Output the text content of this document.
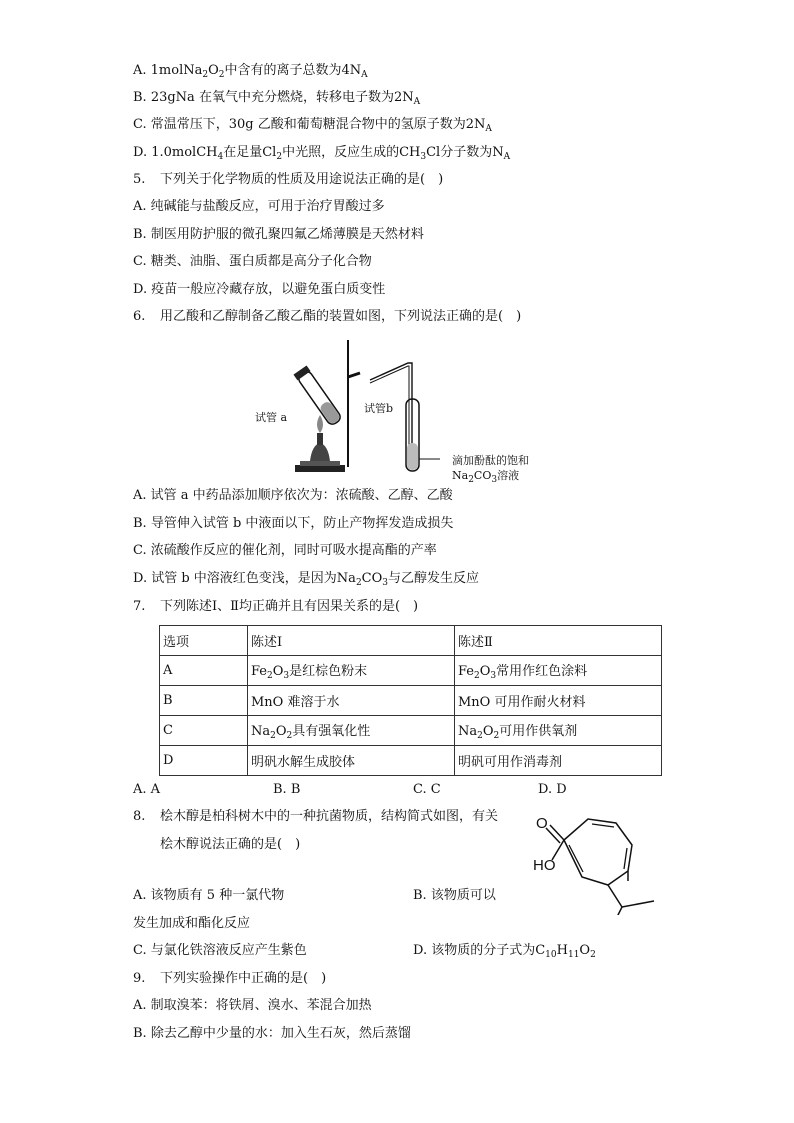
A. $1molNa_2O_2$中含有的离子总数为$4N_A$
B. 23gNa 在氧气中充分燃烧，转移电子数为$2N_A$
C. 常温常压下，30g 乙酸和葡萄糖混合物中的氢原子数为$2N_A$
D. 1.0molCH$_4$在足量$Cl_2$中光照，反应生成的$CH_3Cl$分子数为$N_A$
5. 下列关于化学物质的性质及用途说法正确的是(　)
A. 纯碱能与盐酸反应，可用于治疗胃酸过多
B. 制医用防护服的微孔聚四氟乙烯薄膜是天然材料
C. 糖类、油脂、蛋白质都是高分子化合物
D. 疫苗一般应冷藏存放，以避免蛋白质变性
6. 用乙酸和乙醇制备乙酸乙酯的装置如图，下列说法正确的是(　)
试管 a
试管b
滴加酚酞的饱和
$Na_2CO_3$溶液
A. 试管 a 中药品添加顺序依次为：浓硫酸、乙醇、乙酸
B. 导管伸入试管 b 中液面以下，防止产物挥发造成损失
C. 浓硫酸作反应的催化剂，同时可吸水提高酯的产率
D. 试管 b 中溶液红色变浅，是因为$Na_2CO_3$与乙醇发生反应
7. 下列陈述Ⅰ、Ⅱ均正确并且有因果关系的是(　)
选项	陈述Ⅰ	陈述Ⅱ
A	$Fe_2O_3$是红棕色粉末	$Fe_2O_3$常用作红色涂料
B	MnO 难溶于水	MnO 可用作耐火材料
C	$Na_2O_2$具有强氧化性	$Na_2O_2$可用作供氧剂
D	明矾水解生成胶体	明矾可用作消毒剂
A. A	B. B	C. C	D. D
8. 桧木醇是柏科树木中的一种抗菌物质，结构简式如图，有关
桧木醇说法正确的是(　)
O
HO
A. 该物质有 5 种一氯代物	B. 该物质可以
发生加成和酯化反应
C. 与氯化铁溶液反应产生紫色	D. 该物质的分子式为$C_{10}H_{11}O_2$
9. 下列实验操作中正确的是(　)
A. 制取溴苯：将铁屑、溴水、苯混合加热
B. 除去乙醇中少量的水：加入生石灰，然后蒸馏
